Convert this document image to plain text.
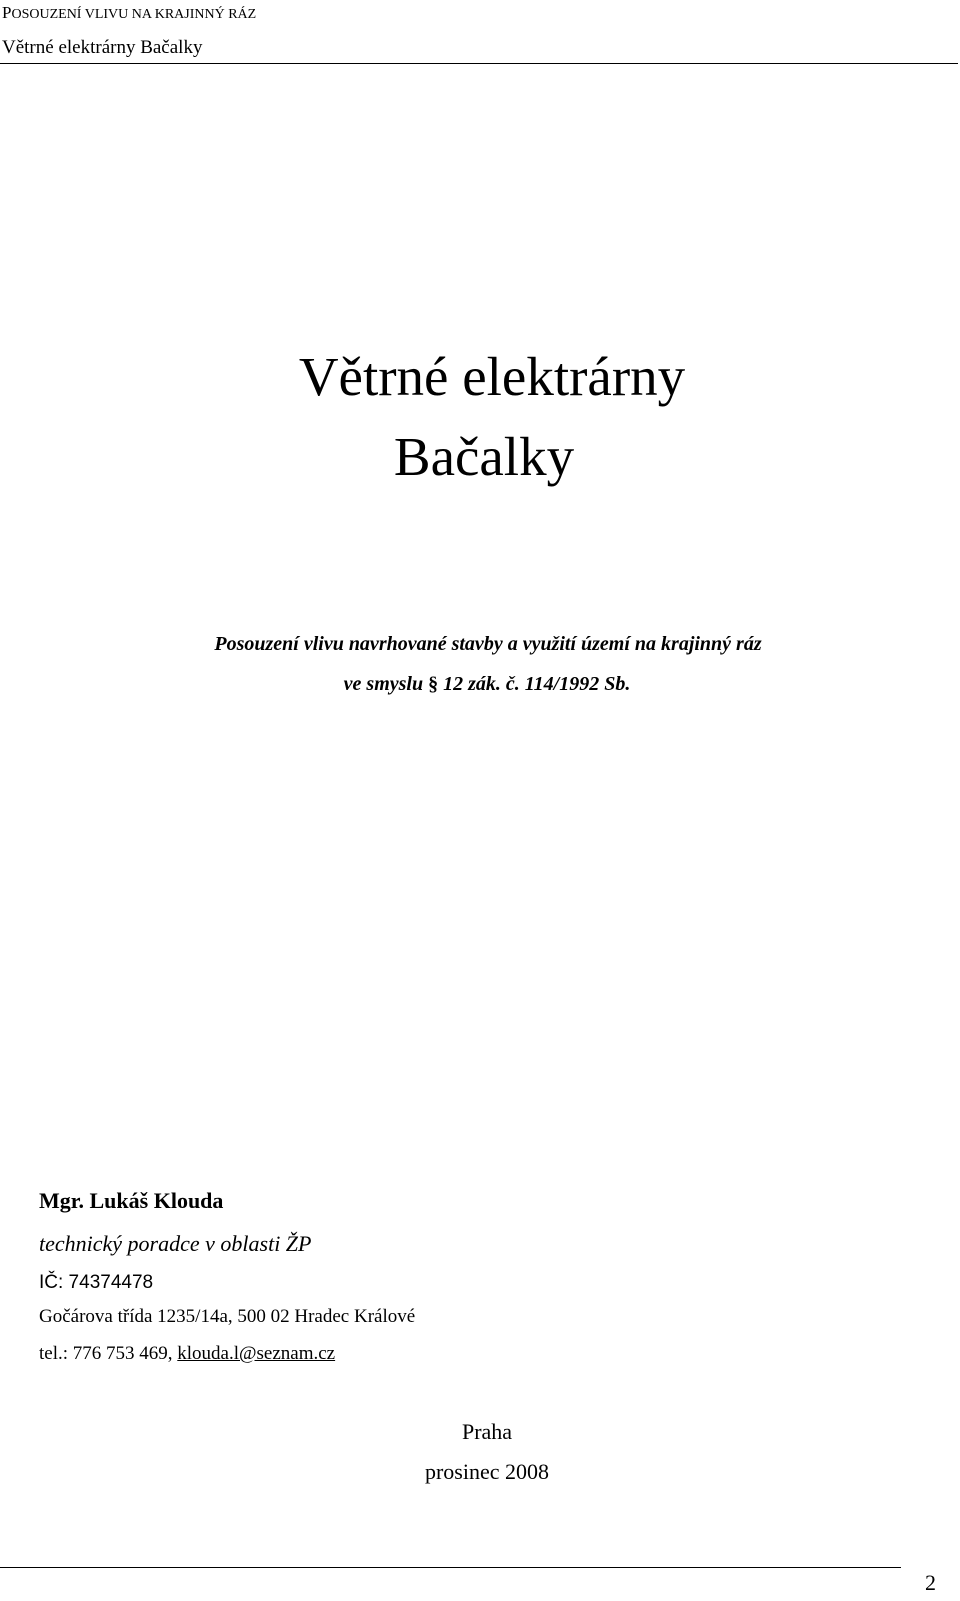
POSOUZENÍ VLIVU NA KRAJINNÝ RÁZ
Větrné elektrárny Bačalky
Větrné elektrárny
Bačalky
Posouzení vlivu navrhované stavby a využití území na krajinný ráz
ve smyslu § 12 zák. č. 114/1992 Sb.
Mgr. Lukáš Klouda
technický poradce v oblasti ŽP
IČ: 74374478
Gočárova třída 1235/14a, 500 02 Hradec Králové
tel.: 776 753 469, klouda.l@seznam.cz
Praha
prosinec 2008
2
